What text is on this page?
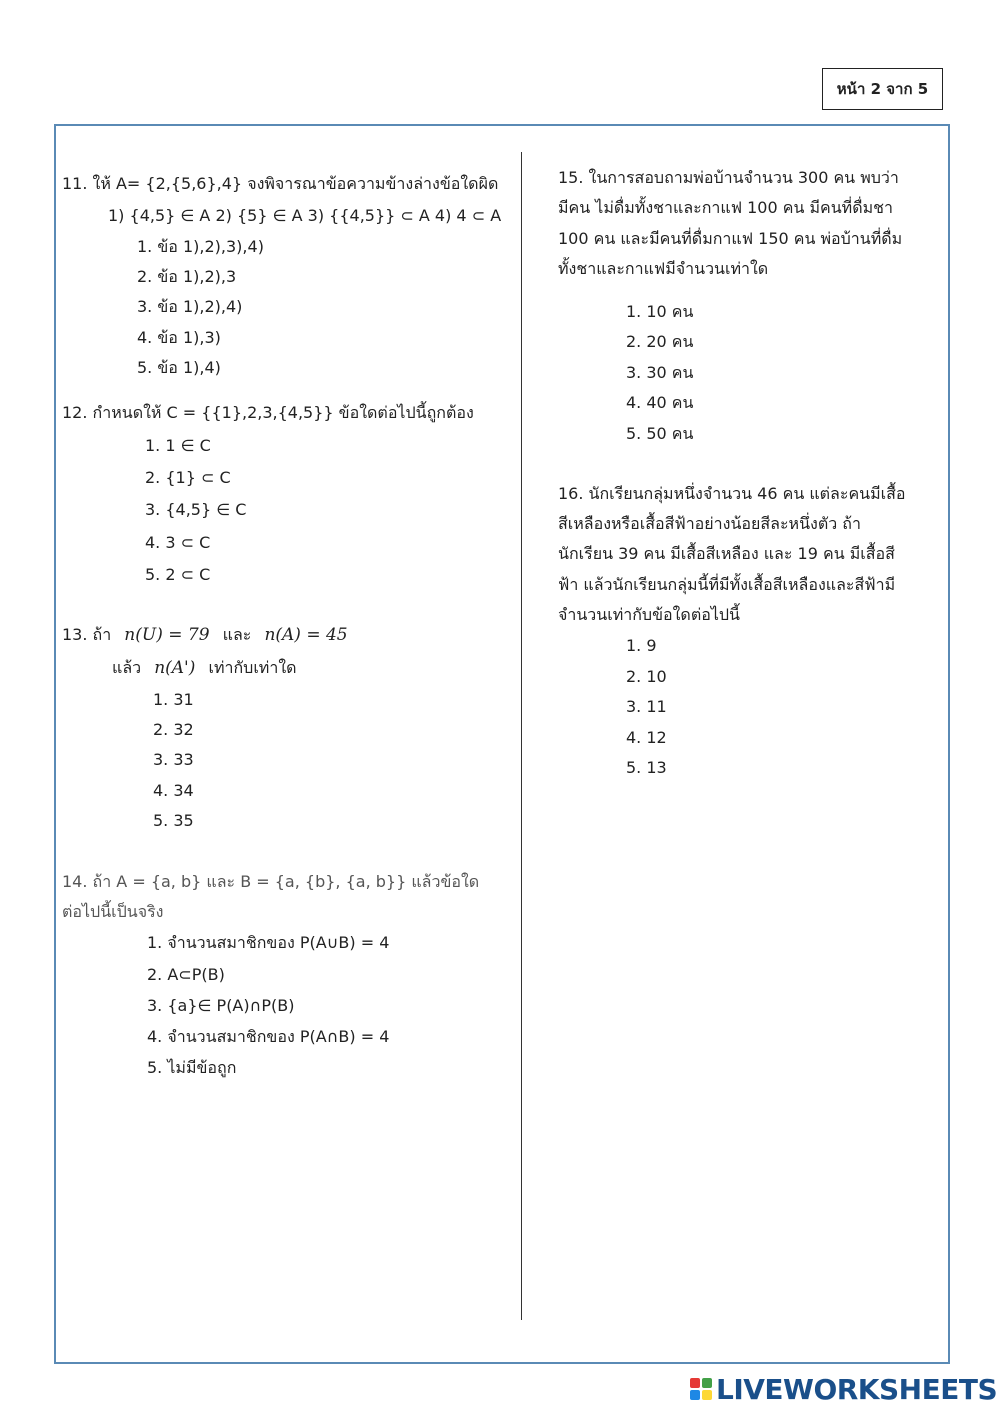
หน้า 2 จาก 5
11. ให้ A= {2,{5,6},4} จงพิจารณาข้อความข้างล่างข้อใดผิด
1) {4,5} ∈ A 2) {5} ∈ A 3) {{4,5}} ⊂ A 4) 4 ⊂ A
1. ข้อ 1),2),3),4)
2. ข้อ 1),2),3
3. ข้อ 1),2),4)
4. ข้อ 1),3)
5. ข้อ 1),4)
12. กำหนดให้ C = {{1},2,3,{4,5}} ข้อใดต่อไปนี้ถูกต้อง
1. 1 ∈ C
2. {1} ⊂ C
3. {4,5} ∈ C
4. 3 ⊂ C
5. 2 ⊂ C
13. ถ้า n(U) = 79 และ n(A) = 45
แล้ว n(A') เท่ากับเท่าใด
1. 31
2. 32
3. 33
4. 34
5. 35
14. ถ้า A = {a, b} และ B = {a, {b}, {a, b}} แล้วข้อใด
ต่อไปนี้เป็นจริง
1. จำนวนสมาชิกของ P(A∪B) = 4
2. A⊂P(B)
3. {a}∈ P(A)∩P(B)
4. จำนวนสมาชิกของ P(A∩B) = 4
5. ไม่มีข้อถูก
15. ในการสอบถามพ่อบ้านจำนวน 300 คน พบว่า
มีคน ไม่ดื่มทั้งชาและกาแฟ 100 คน มีคนที่ดื่มชา
100 คน และมีคนที่ดื่มกาแฟ 150 คน พ่อบ้านที่ดื่ม
ทั้งชาและกาแฟมีจำนวนเท่าใด
1. 10 คน
2. 20 คน
3. 30 คน
4. 40 คน
5. 50 คน
16. นักเรียนกลุ่มหนึ่งจำนวน 46 คน แต่ละคนมีเสื้อ
สีเหลืองหรือเสื้อสีฟ้าอย่างน้อยสีละหนึ่งตัว ถ้า
นักเรียน 39 คน มีเสื้อสีเหลือง และ 19 คน มีเสื้อสี
ฟ้า แล้วนักเรียนกลุ่มนี้ที่มีทั้งเสื้อสีเหลืองและสีฟ้ามี
จำนวนเท่ากับข้อใดต่อไปนี้
1. 9
2. 10
3. 11
4. 12
5. 13
LIVEWORKSHEETS
